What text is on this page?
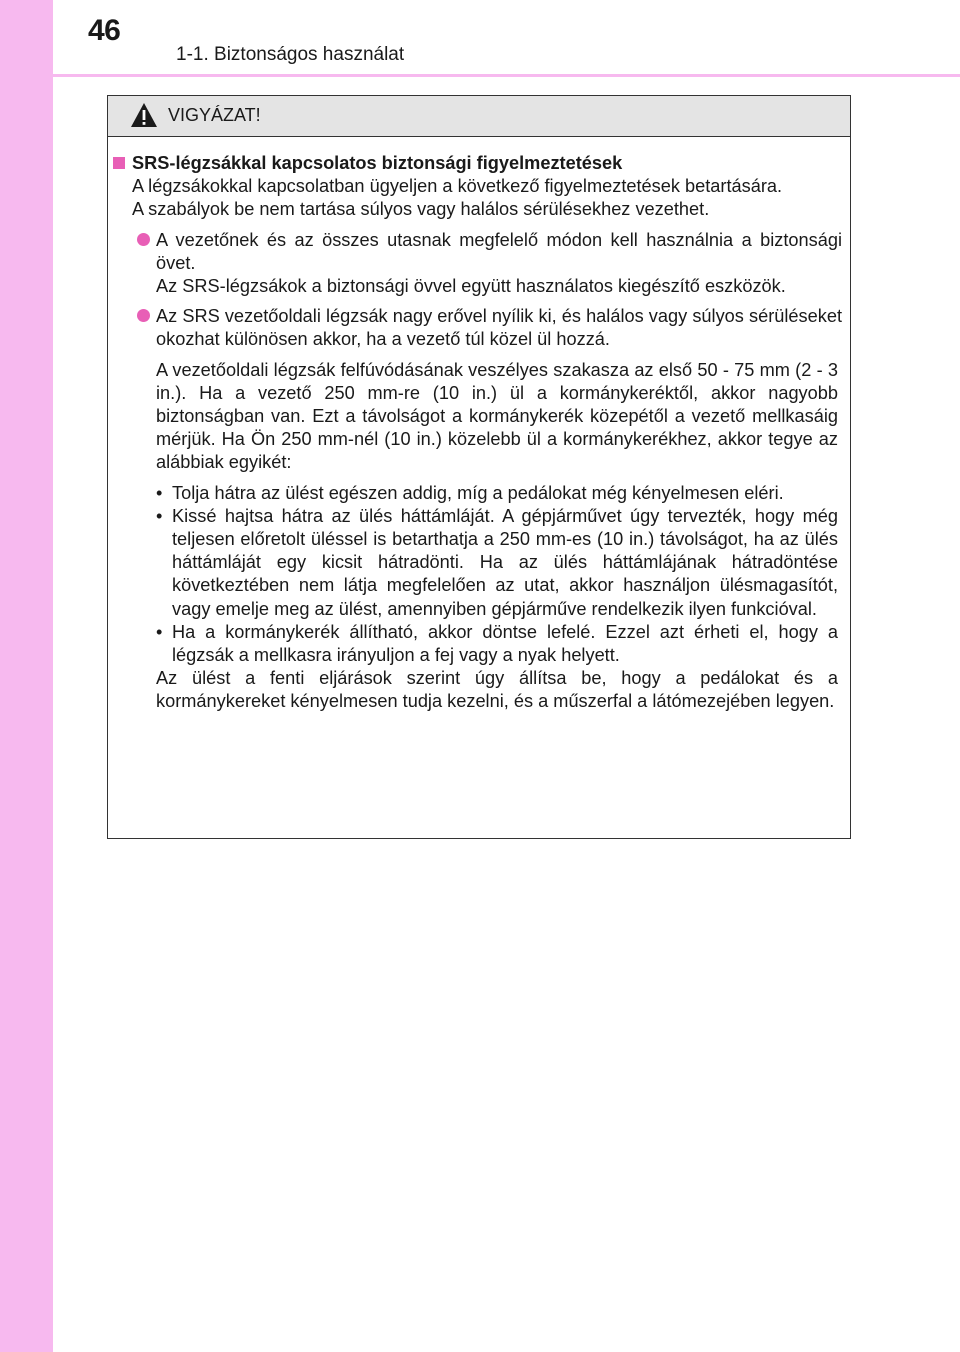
46
1-1. Biztonságos használat
VIGYÁZAT!

SRS-légzsákkal kapcsolatos biztonsági figyelmeztetések

A légzsákokkal kapcsolatban ügyeljen a következő figyelmeztetések betartására.

A szabályok be nem tartása súlyos vagy halálos sérülésekhez vezethet.

A vezetőnek és az összes utasnak megfelelő módon kell használnia a biztonsági övet.

Az SRS-légzsákok a biztonsági övvel együtt használatos kiegészítő eszközök.

Az SRS vezetőoldali légzsák nagy erővel nyílik ki, és halálos vagy súlyos sérüléseket okozhat különösen akkor, ha a vezető túl közel ül hozzá.

A vezetőoldali légzsák felfúvódásának veszélyes szakasza az első 50 - 75 mm (2 - 3 in.). Ha a vezető 250 mm-re (10 in.) ül a kormánykeréktől, akkor nagyobb biztonságban van. Ezt a távolságot a kormánykerék közepétől a vezető mellkasáig mérjük. Ha Ön 250 mm-nél (10 in.) közelebb ül a kormánykerékhez, akkor tegye az alábbiak egyikét:

• Tolja hátra az ülést egészen addig, míg a pedálokat még kényelmesen eléri.

• Kissé hajtsa hátra az ülés háttámláját. A gépjárművet úgy tervezték, hogy még teljesen előretolt üléssel is betarthatja a 250 mm-es (10 in.) távolságot, ha az ülés háttámláját egy kicsit hátradönti. Ha az ülés háttámlájának hátradöntése következtében nem látja megfelelően az utat, akkor használjon ülésmagasítót, vagy emelje meg az ülést, amennyiben gépjárműve rendelkezik ilyen funkcióval.

• Ha a kormánykerék állítható, akkor döntse lefelé. Ezzel azt érheti el, hogy a légzsák a mellkasra irányuljon a fej vagy a nyak helyett.

Az ülést a fenti eljárások szerint úgy állítsa be, hogy a pedálokat és a kormánykereket kényelmesen tudja kezelni, és a műszerfal a látómezejében legyen.
